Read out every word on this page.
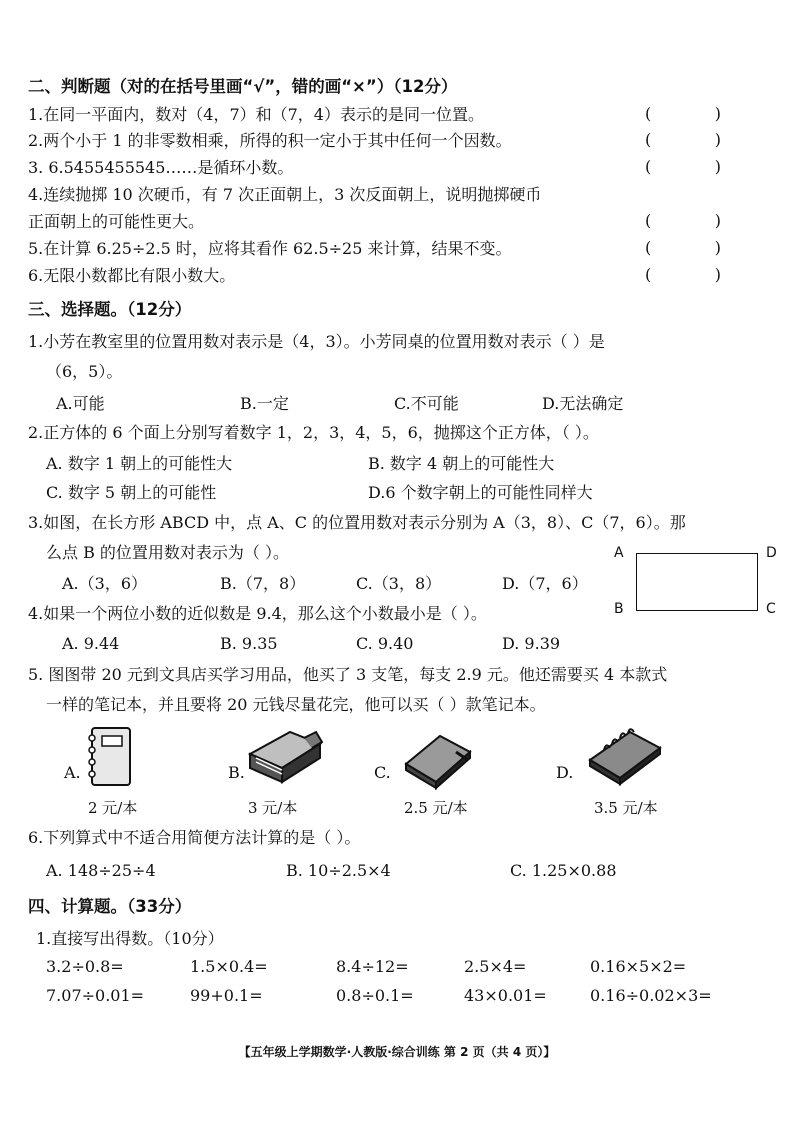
二、判断题（对的在括号里画“√”，错的画“×”）（12分）
1.在同一平面内，数对（4，7）和（7，4）表示的是同一位置。	(	)
2.两个小于 1 的非零数相乘，所得的积一定小于其中任何一个因数。	(	)
3. 6.5455455545……是循环小数。	(	)
4.连续抛掷 10 次硬币，有 7 次正面朝上，3 次反面朝上，说明抛掷硬币
正面朝上的可能性更大。	(	)
5.在计算 6.25÷2.5 时，应将其看作 62.5÷25 来计算，结果不变。	(	)
6.无限小数都比有限小数大。	(	)
三、选择题。（12分）
1.小芳在教室里的位置用数对表示是（4，3）。小芳同桌的位置用数对表示（ ）是
（6，5）。
A.可能	B.一定	C.不可能	D.无法确定
2.正方体的 6 个面上分别写着数字 1，2，3，4，5，6，抛掷这个正方体，（ ）。
A. 数字 1 朝上的可能性大	B. 数字 4 朝上的可能性大
C. 数字 5 朝上的可能性	D.6 个数字朝上的可能性同样大
3.如图，在长方形 ABCD 中，点 A、C 的位置用数对表示分别为 A（3，8）、C（7，6）。那
么点 B 的位置用数对表示为（ ）。
A.（3，6）	B.（7，8）	C.（3，8）	D.（7，6）
A	D
B	C
4.如果一个两位小数的近似数是 9.4，那么这个小数最小是（ ）。
A. 9.44	B. 9.35	C. 9.40	D. 9.39
5. 图图带 20 元到文具店买学习用品，他买了 3 支笔，每支 2.9 元。他还需要买 4 本款式
一样的笔记本，并且要将 20 元钱尽量花完，他可以买（ ）款笔记本。
A.	B.	C.	D.
2 元/本	3 元/本	2.5 元/本	3.5 元/本
6.下列算式中不适合用简便方法计算的是（ ）。
A. 148÷25÷4	B. 10÷2.5×4	C. 1.25×0.88
四、计算题。（33分）
1.直接写出得数。（10分）
3.2÷0.8=	1.5×0.4=	8.4÷12=	2.5×4=	0.16×5×2=
7.07÷0.01=	99+0.1=	0.8÷0.1=	43×0.01=	0.16÷0.02×3=
【五年级上学期数学·人教版·综合训练 第 2 页（共 4 页）】
